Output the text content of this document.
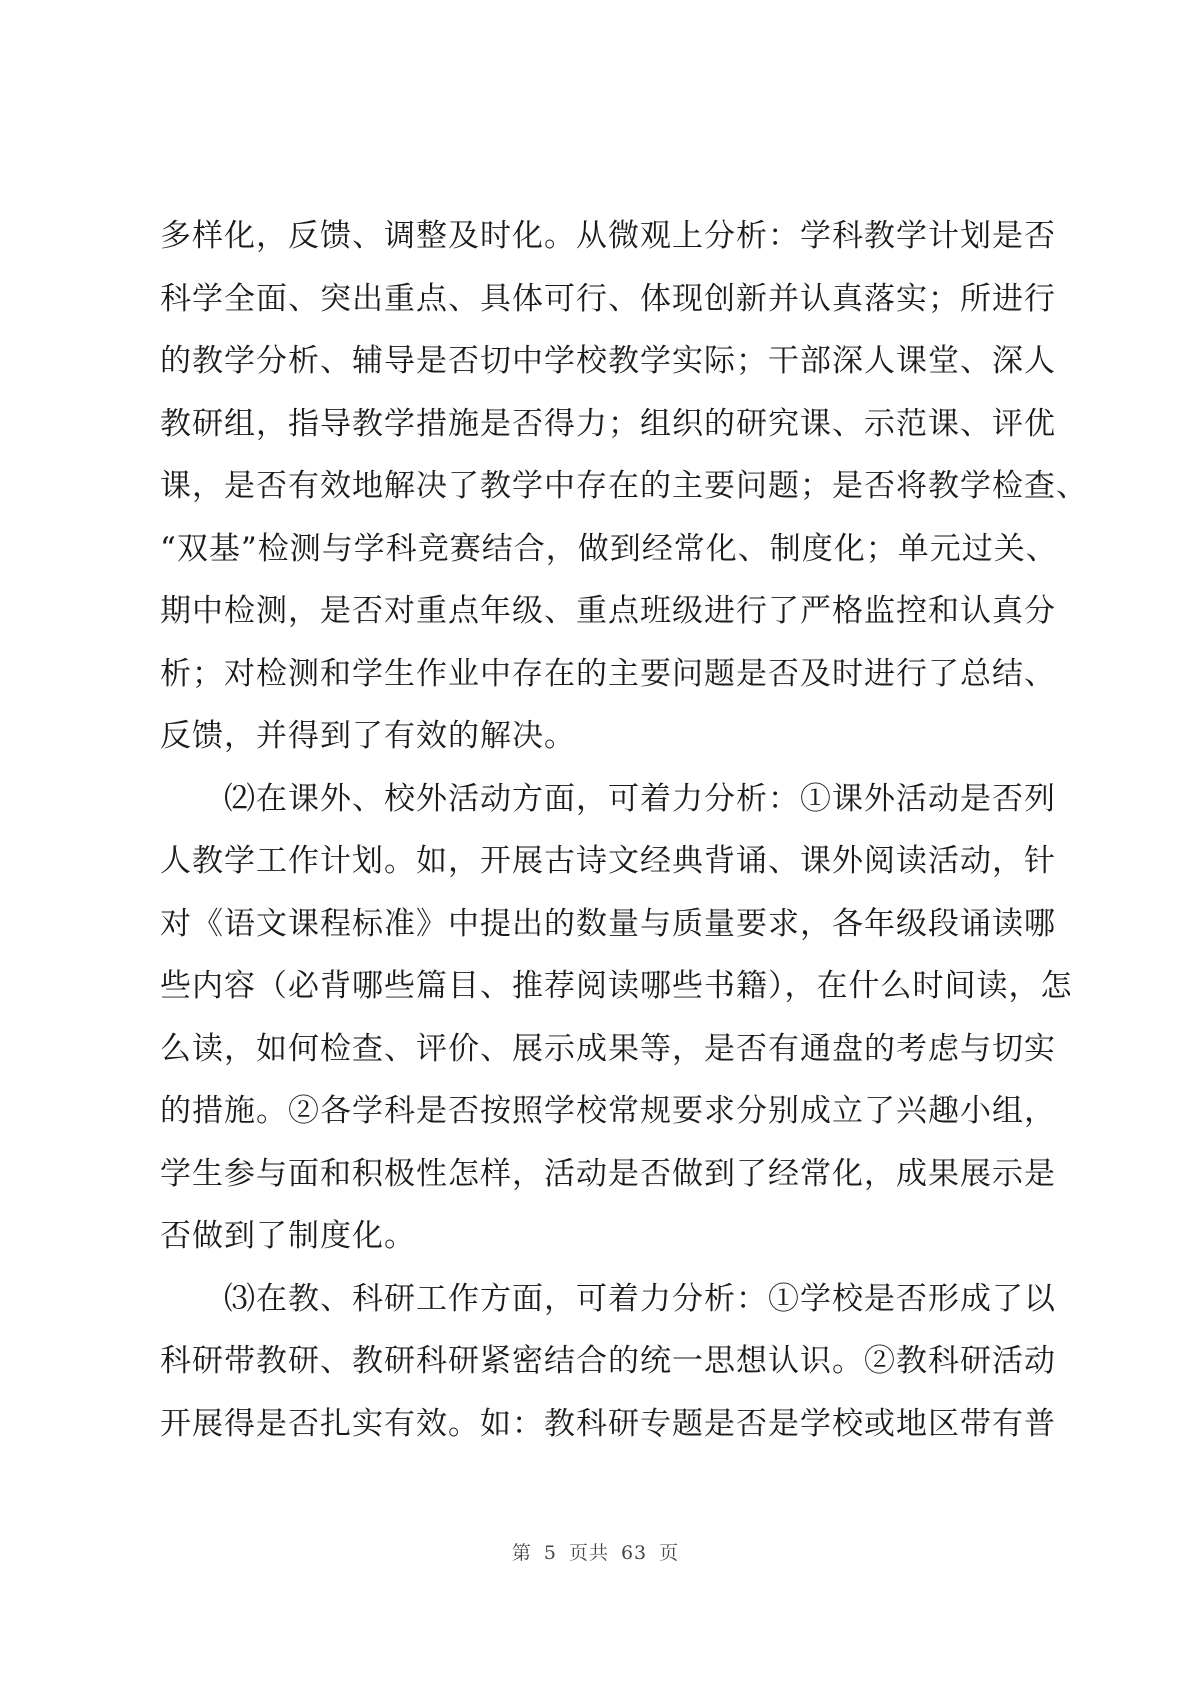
多样化，反馈、调整及时化。从微观上分析：学科教学计划是否
科学全面、突出重点、具体可行、体现创新并认真落实；所进行
的教学分析、辅导是否切中学校教学实际；干部深人课堂、深人
教研组，指导教学措施是否得力；组织的研究课、示范课、评优
课，是否有效地解决了教学中存在的主要问题；是否将教学检查、
“双基”检测与学科竞赛结合，做到经常化、制度化；单元过关、
期中检测，是否对重点年级、重点班级进行了严格监控和认真分
析；对检测和学生作业中存在的主要问题是否及时进行了总结、
反馈，并得到了有效的解决。
⑵在课外、校外活动方面，可着力分析：①课外活动是否列
人教学工作计划。如，开展古诗文经典背诵、课外阅读活动，针
对《语文课程标准》中提出的数量与质量要求，各年级段诵读哪
些内容（必背哪些篇目、推荐阅读哪些书籍），在什么时间读，怎
么读，如何检查、评价、展示成果等，是否有通盘的考虑与切实
的措施。②各学科是否按照学校常规要求分别成立了兴趣小组，
学生参与面和积极性怎样，活动是否做到了经常化，成果展示是
否做到了制度化。
⑶在教、科研工作方面，可着力分析：①学校是否形成了以
科研带教研、教研科研紧密结合的统一思想认识。②教科研活动
开展得是否扎实有效。如：教科研专题是否是学校或地区带有普
第 5 页共 63 页
